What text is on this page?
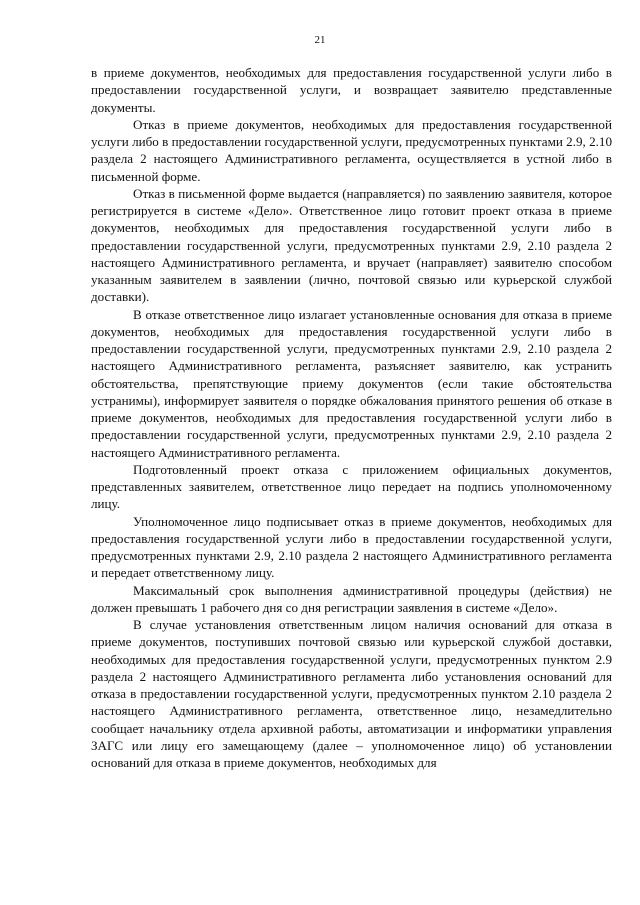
21

в приеме документов, необходимых для предоставления государственной услуги либо в предоставлении государственной услуги, и возвращает заявителю представленные документы.

Отказ в приеме документов, необходимых для предоставления государственной услуги либо в предоставлении государственной услуги, предусмотренных пунктами 2.9, 2.10 раздела 2 настоящего Административного регламента, осуществляется в устной либо в письменной форме.

Отказ в письменной форме выдается (направляется) по заявлению заявителя, которое регистрируется в системе «Дело». Ответственное лицо готовит проект отказа в приеме документов, необходимых для предоставления государственной услуги либо в предоставлении государственной услуги, предусмотренных пунктами 2.9, 2.10 раздела 2 настоящего Административного регламента, и вручает (направляет) заявителю способом указанным заявителем в заявлении (лично, почтовой связью или курьерской службой доставки).

В отказе ответственное лицо излагает установленные основания для отказа в приеме документов, необходимых для предоставления государственной услуги либо в предоставлении государственной услуги, предусмотренных пунктами 2.9, 2.10 раздела 2 настоящего Административного регламента, разъясняет заявителю, как устранить обстоятельства, препятствующие приему документов (если такие обстоятельства устранимы), информирует заявителя о порядке обжалования принятого решения об отказе в приеме документов, необходимых для предоставления государственной услуги либо в предоставлении государственной услуги, предусмотренных пунктами 2.9, 2.10 раздела 2 настоящего Административного регламента.

Подготовленный проект отказа с приложением официальных документов, представленных заявителем, ответственное лицо передает на подпись уполномоченному лицу.

Уполномоченное лицо подписывает отказ в приеме документов, необходимых для предоставления государственной услуги либо в предоставлении государственной услуги, предусмотренных пунктами 2.9, 2.10 раздела 2 настоящего Административного регламента и передает ответственному лицу.

Максимальный срок выполнения административной процедуры (действия) не должен превышать 1 рабочего дня со дня регистрации заявления в системе «Дело».

В случае установления ответственным лицом наличия оснований для отказа в приеме документов, поступивших почтовой связью или курьерской службой доставки, необходимых для предоставления государственной услуги, предусмотренных пунктом 2.9 раздела 2 настоящего Административного регламента либо установления оснований для отказа в предоставлении государственной услуги, предусмотренных пунктом 2.10 раздела 2 настоящего Административного регламента, ответственное лицо, незамедлительно сообщает начальнику отдела архивной работы, автоматизации и информатики управления ЗАГС или лицу его замещающему (далее – уполномоченное лицо) об установлении оснований для отказа в приеме документов, необходимых для
